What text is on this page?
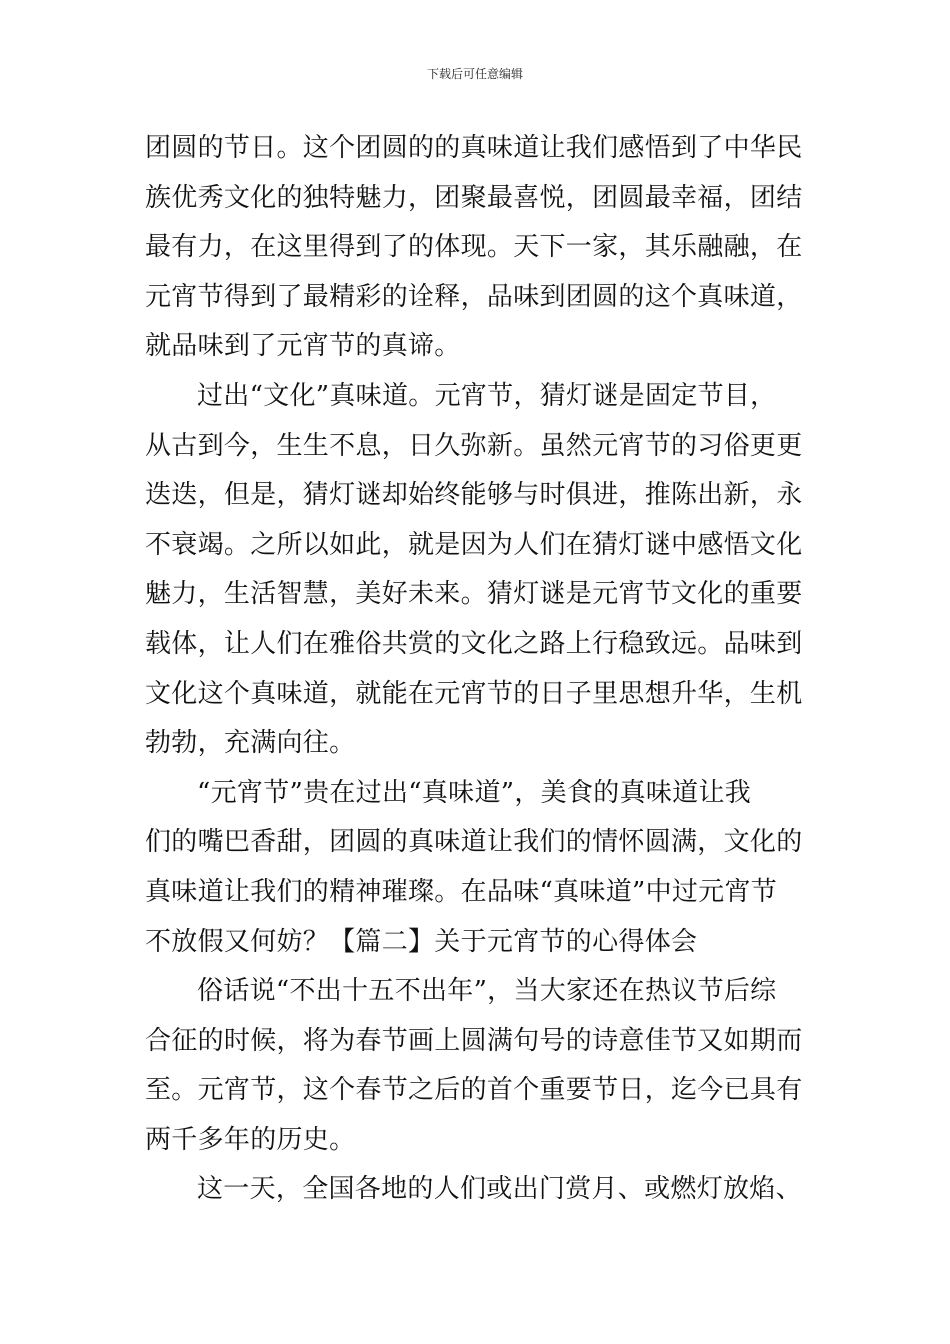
下载后可任意编辑
团圆的节日。这个团圆的的真味道让我们感悟到了中华民
族优秀文化的独特魅力，团聚最喜悦，团圆最幸福，团结
最有力，在这里得到了的体现。天下一家，其乐融融，在
元宵节得到了最精彩的诠释，品味到团圆的这个真味道，
就品味到了元宵节的真谛。
过出“文化”真味道。元宵节，猜灯谜是固定节目，
从古到今，生生不息，日久弥新。虽然元宵节的习俗更更
迭迭，但是，猜灯谜却始终能够与时俱进，推陈出新，永
不衰竭。之所以如此，就是因为人们在猜灯谜中感悟文化
魅力，生活智慧，美好未来。猜灯谜是元宵节文化的重要
载体，让人们在雅俗共赏的文化之路上行稳致远。品味到
文化这个真味道，就能在元宵节的日子里思想升华，生机
勃勃，充满向往。
“元宵节”贵在过出“真味道”，美食的真味道让我
们的嘴巴香甜，团圆的真味道让我们的情怀圆满，文化的
真味道让我们的精神璀璨。在品味“真味道”中过元宵节
不放假又何妨？【篇二】关于元宵节的心得体会
俗话说“不出十五不出年”，当大家还在热议节后综
合征的时候，将为春节画上圆满句号的诗意佳节又如期而
至。元宵节，这个春节之后的首个重要节日，迄今已具有
两千多年的历史。
这一天，全国各地的人们或出门赏月、或燃灯放焰、
